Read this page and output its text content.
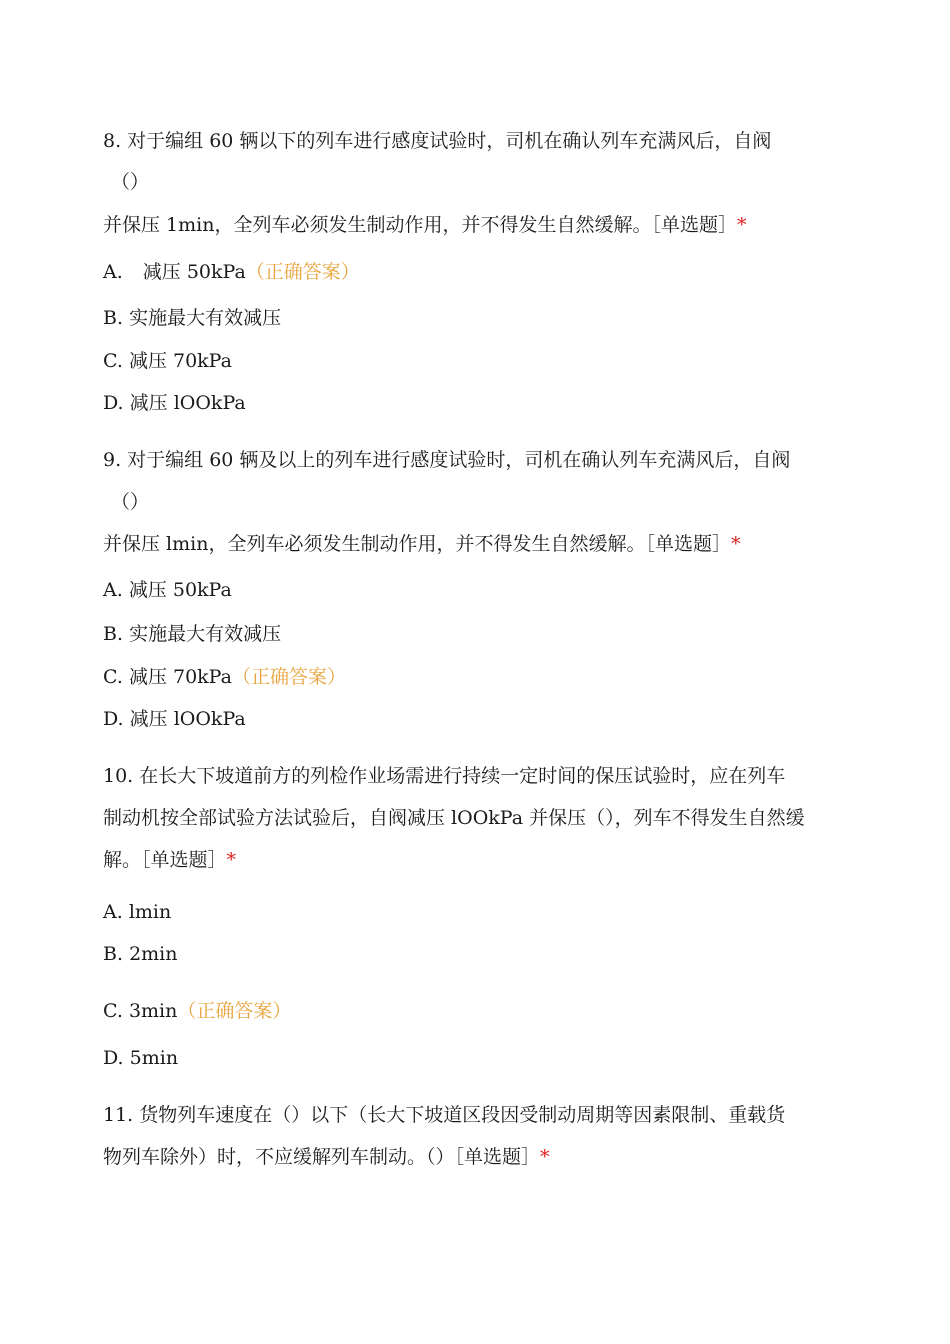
8. 对于编组 60 辆以下的列车进行感度试验时，司机在确认列车充满风后，自阀
（）
并保压 1min，全列车必须发生制动作用，并不得发生自然缓解。［单选题］*
A. 减压 50kPa（正确答案）
B. 实施最大有效减压
C. 减压 70kPa
D. 减压 lOOkPa
9. 对于编组 60 辆及以上的列车进行感度试验时，司机在确认列车充满风后，自阀
（）
并保压 lmin，全列车必须发生制动作用，并不得发生自然缓解。［单选题］*
A. 减压 50kPa
B. 实施最大有效减压
C. 减压 70kPa（正确答案）
D. 减压 lOOkPa
10. 在长大下坡道前方的列检作业场需进行持续一定时间的保压试验时，应在列车
制动机按全部试验方法试验后，自阀减压 lOOkPa 并保压（），列车不得发生自然缓
解。［单选题］*
A. lmin
B. 2min
C. 3min（正确答案）
D. 5min
11. 货物列车速度在（）以下（长大下坡道区段因受制动周期等因素限制、重载货
物列车除外）时，不应缓解列车制动。（）［单选题］*
